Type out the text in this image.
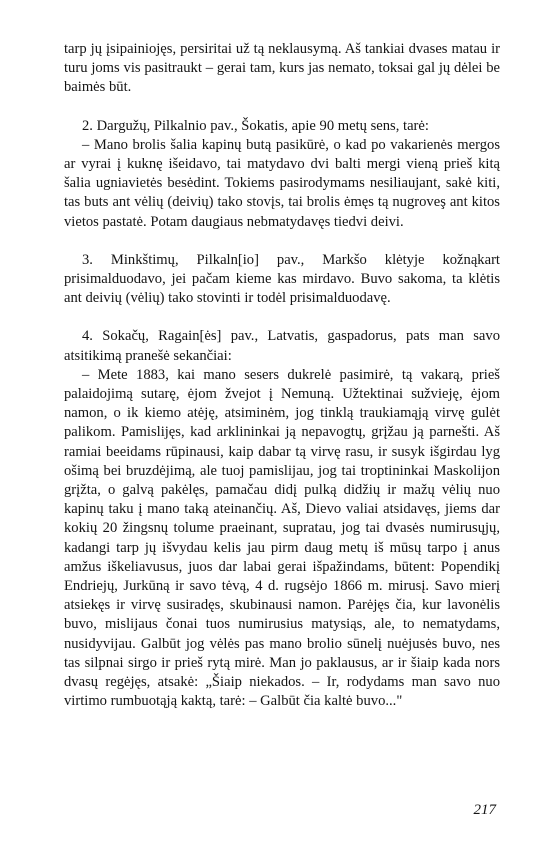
tarp jų įsipainiojęs, persiritai už tą neklausymą. Aš tankiai dvases matau ir turu joms vis pasitraukt – gerai tam, kurs jas nemato, toksai gal jų dėlei be baimės būt.

2. Dargužų, Pilkalnio pav., Šokatis, apie 90 metų sens, tarė:

– Mano brolis šalia kapinų butą pasikūrė, o kad po vakarienės mergos ar vyrai į kuknę išeidavo, tai matydavo dvi balti mergi vieną prieš kitą šalia ugniavietės besėdint. Tokiems pasirodymams nesiliaujant, sakė kiti, tas buts ant vėlių (deivių) tako stovįs, tai brolis ėmęs tą nugroveş ant kitos vietos pastatė. Potam daugiaus nebmatydavęs tiedvi deivi.

3. Minkštimų, Pilkaln[io] pav., Markšo klėtyje kožnąkart prisimalduodavo, jei pačam kieme kas mirdavo. Buvo sakoma, ta klėtis ant deivių (vėlių) tako stovinti ir todėl prisimalduodavę.

4. Sokačų, Ragain[ės] pav., Latvatis, gaspadorus, pats man savo atsitikimą pranešė sekančiai:

– Mete 1883, kai mano sesers dukrelė pasimirė, tą vakarą, prieš palaidojimą sutarę, ėjom žvejot į Nemuną. Užtektinai sužvieję, ėjom namon, o ik kiemo atėję, atsiminėm, jog tinklą traukiamąją virvę gulėt palikom. Pamislijęs, kad arklininkai ją nepavogtų, grįžau ją parnešti. Aš ramiai beeidams rūpinausi, kaip dabar tą virvę rasu, ir susyk išgirdau lyg ošimą bei bruzdėjimą, ale tuoj pamislijau, jog tai troptininkai Maskolijon grįžta, o galvą pakėlęs, pamačau didį pulką didžių ir mažų vėlių nuo kapinų taku į mano taką ateinančių. Aš, Dievo valiai atsidavęs, jiems dar kokių 20 žingsnų tolume praeinant, supratau, jog tai dvasės numirusųjų, kadangi tarp jų išvydau kelis jau pirm daug metų iš mūsų tarpo į anus amžus iškeliavusus, juos dar labai gerai išpažindams, būtent: Popendikį Endriejų, Jurkūną ir savo tėvą, 4 d. rugsėjo 1866 m. mirusį. Savo mierį atsiekęs ir virvę susiradęs, skubinausi namon. Parėjęs čia, kur lavonėlis buvo, mislijaus čonai tuos numirusius matysiąs, ale, to nematydams, nusidyvijau. Galbūt jog vėlės pas mano brolio sūnelį nuėjusės buvo, nes tas silpnai sirgo ir prieš rytą mirė. Man jo paklausus, ar ir šiaip kada nors dvasų regėjęs, atsakė: „Šiaip niekados. – Ir, rodydams man savo nuo virtimo rumbuotąją kaktą, tarė: – Galbūt čia kaltė buvo..."

217
